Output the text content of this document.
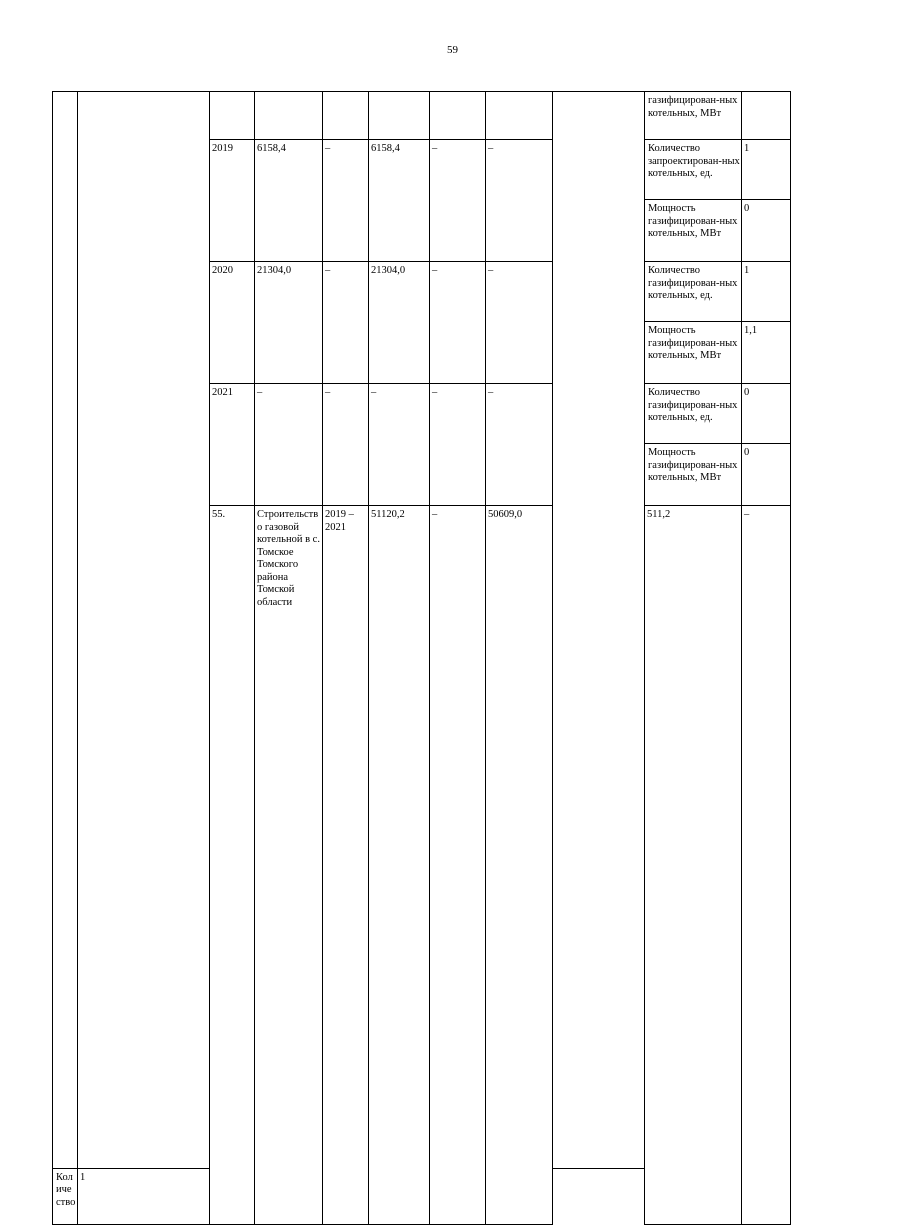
59
									газифицирован-ных котельных, МВт		
		2019	6158,4	–	6158,4	–	–		Количество запроектирован-ных котельных, ед.	1	
									Мощность газифицирован-ных котельных, МВт	0	
		2020	21304,0	–	21304,0	–	–		Количество газифицирован-ных котельных, ед.	1	
									Мощность газифицирован-ных котельных, МВт	1,1	
		2021	–	–	–	–	–		Количество газифицирован-ных котельных, ед.	0	
									Мощность газифицирован-ных котельных, МВт	0	
		55.	Строительство газовой котельной в с. Томское Томского района Томской области	2019 – 2021	51120,2	–	50609,0		511,2	–			
Количество	1										
